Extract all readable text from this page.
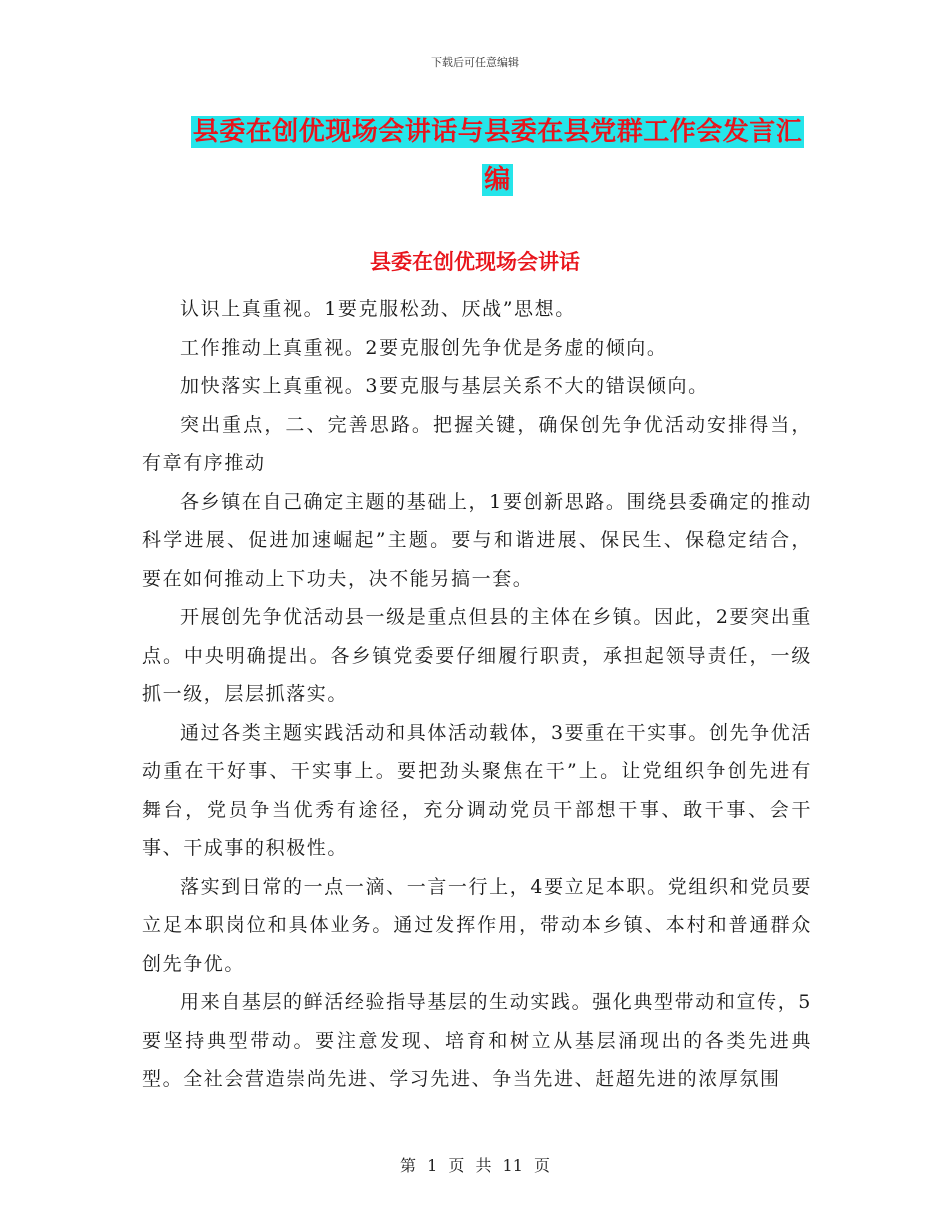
下载后可任意编辑
县委在创优现场会讲话与县委在县党群工作会发言汇编
县委在创优现场会讲话

认识上真重视。1要克服松劲、厌战”思想。

工作推动上真重视。2要克服创先争优是务虚的倾向。

加快落实上真重视。3要克服与基层关系不大的错误倾向。

突出重点，二、完善思路。把握关键，确保创先争优活动安排得当，有章有序推动

各乡镇在自己确定主题的基础上，1要创新思路。围绕县委确定的推动科学进展、促进加速崛起”主题。要与和谐进展、保民生、保稳定结合，要在如何推动上下功夫，决不能另搞一套。

开展创先争优活动县一级是重点但县的主体在乡镇。因此，2要突出重点。中央明确提出。各乡镇党委要仔细履行职责，承担起领导责任，一级抓一级，层层抓落实。

通过各类主题实践活动和具体活动载体，3要重在干实事。创先争优活动重在干好事、干实事上。要把劲头聚焦在干”上。让党组织争创先进有舞台，党员争当优秀有途径，充分调动党员干部想干事、敢干事、会干事、干成事的积极性。

落实到日常的一点一滴、一言一行上，4要立足本职。党组织和党员要立足本职岗位和具体业务。通过发挥作用，带动本乡镇、本村和普通群众创先争优。

用来自基层的鲜活经验指导基层的生动实践。强化典型带动和宣传，5要坚持典型带动。要注意发现、培育和树立从基层涌现出的各类先进典型。全社会营造崇尚先进、学习先进、争当先进、赶超先进的浓厚氛围

第 1 页 共 11 页
